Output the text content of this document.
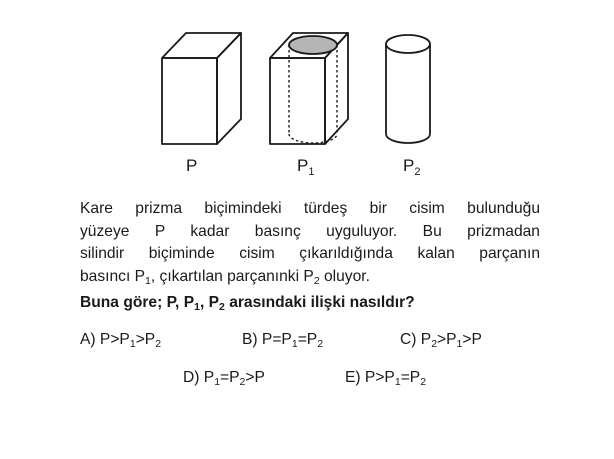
P	$P_1$	$P_2$
Kare prizma biçimindeki türdeş bir cisim bulunduğu
yüzeye P kadar basınç uyguluyor. Bu prizmadan
silindir biçiminde cisim çıkarıldığında kalan parçanın
basıncı $P_1$, çıkartılan parçanınki $P_2$ oluyor.
Buna göre; P, $P_1$, $P_2$ arasındaki ilişki nasıldır?
A) $P>P_1>P_2$	B) $P=P_1=P_2$	C) $P_2>P_1>P$
D) $P_1=P_2>P$	E) $P>P_1=P_2$
